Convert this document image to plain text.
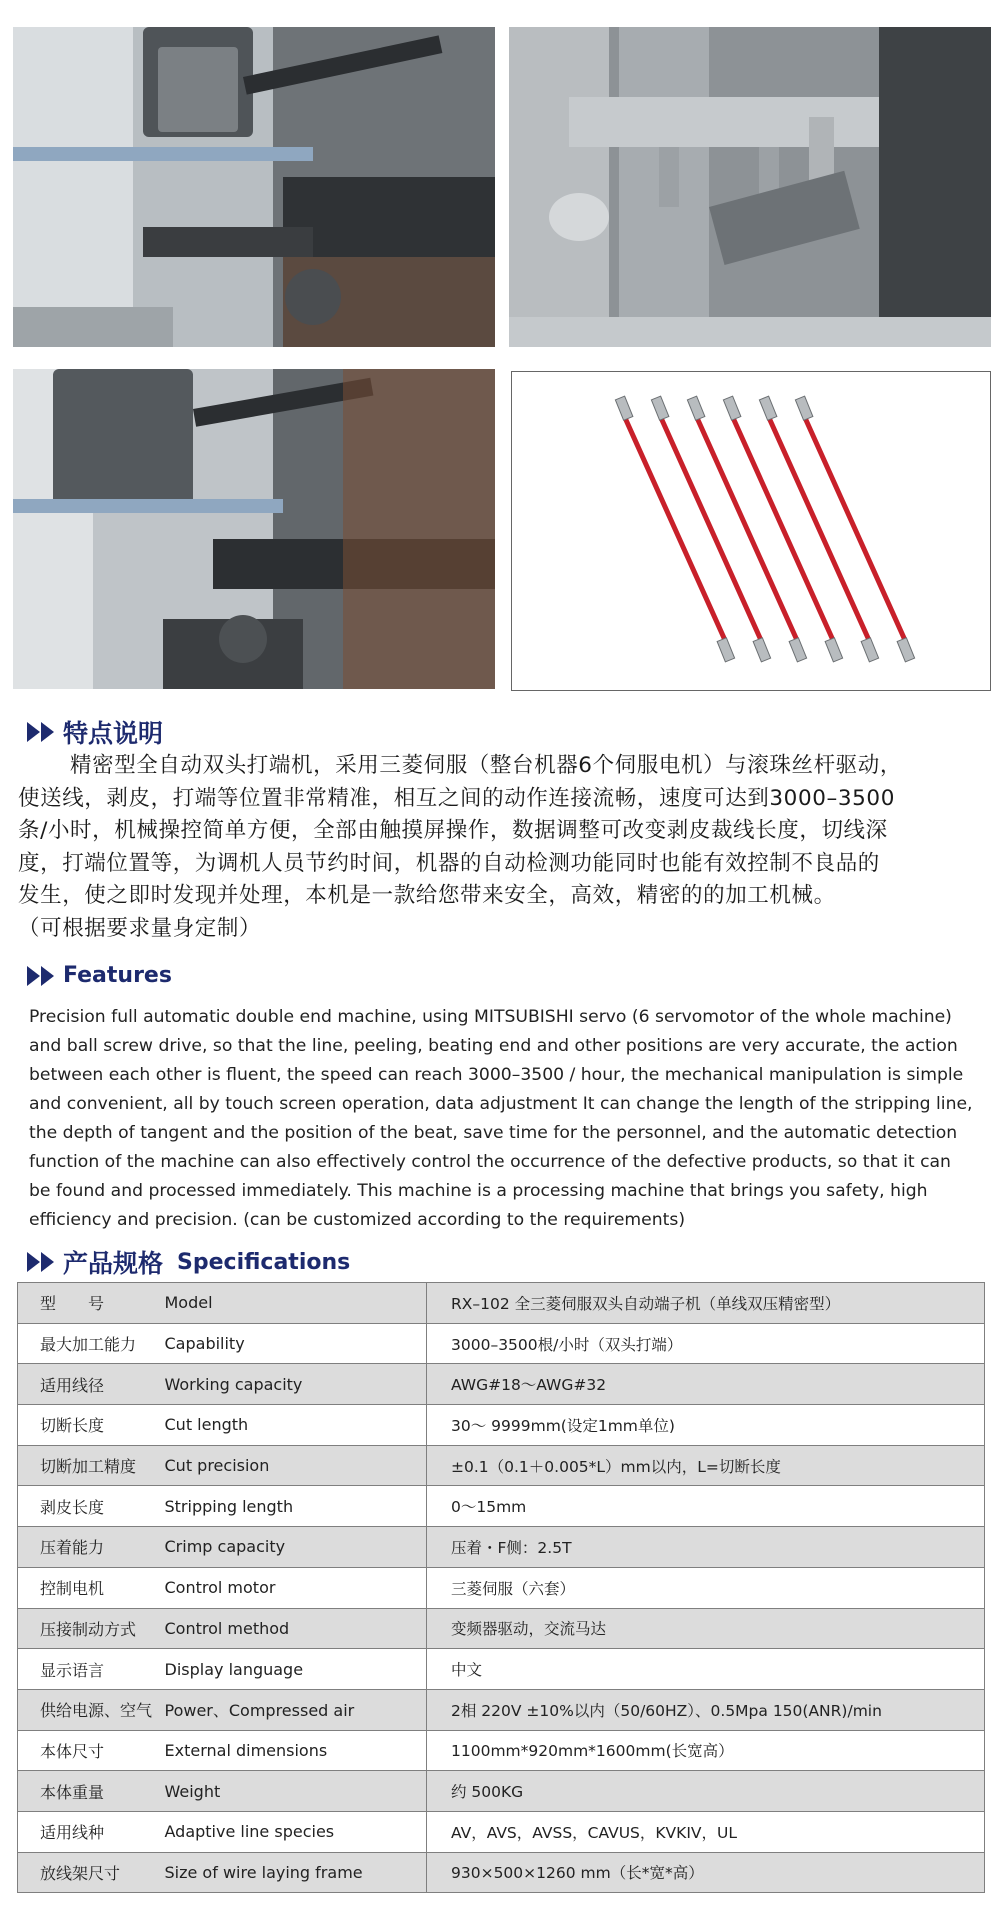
特点说明
精密型全自动双头打端机，采用三菱伺服（整台机器6个伺服电机）与滚珠丝杆驱动，
使送线，剥皮，打端等位置非常精准，相互之间的动作连接流畅，速度可达到3000–3500
条/小时，机械操控简单方便，全部由触摸屏操作，数据调整可改变剥皮裁线长度，切线深
度，打端位置等，为调机人员节约时间，机器的自动检测功能同时也能有效控制不良品的
发生，使之即时发现并处理，本机是一款给您带来安全，高效，精密的的加工机械。
（可根据要求量身定制）
Features
Precision full automatic double end machine, using MITSUBISHI servo (6 servomotor of the whole machine)
and ball screw drive, so that the line, peeling, beating end and other positions are very accurate, the action
between each other is fluent, the speed can reach 3000–3500 / hour, the mechanical manipulation is simple
and convenient, all by touch screen operation, data adjustment It can change the length of the stripping line,
the depth of tangent and the position of the beat, save time for the personnel, and the automatic detection
function of the machine can also effectively control the occurrence of the defective products, so that it can
be found and processed immediately. This machine is a processing machine that brings you safety, high
efficiency and precision. (can be customized according to the requirements)
产品规格 Specifications
型　　号	Model	RX–102 全三菱伺服双头自动端子机（单线双压精密型）
最大加工能力	Capability	3000–3500根/小时（双头打端）
适用线径	Working capacity	AWG#18～AWG#32
切断长度	Cut length	30～ 9999mm(设定1mm单位)
切断加工精度	Cut precision	±0.1（0.1＋0.005*L）mm以内，L=切断长度
剥皮长度	Stripping length	0～15mm
压着能力	Crimp capacity	压着・F侧：2.5T
控制电机	Control motor	三菱伺服（六套）
压接制动方式	Control method	变频器驱动，交流马达
显示语言	Display language	中文
供给电源、空气	Power、Compressed air	2相 220V ±10%以内（50/60HZ）、0.5Mpa 150(ANR)/min
本体尺寸	External dimensions	1100mm*920mm*1600mm(长宽高）
本体重量	Weight	约 500KG
适用线种	Adaptive line species	AV，AVS，AVSS，CAVUS，KVKIV，UL
放线架尺寸	Size of wire laying frame	930×500×1260 mm（长*宽*高）
